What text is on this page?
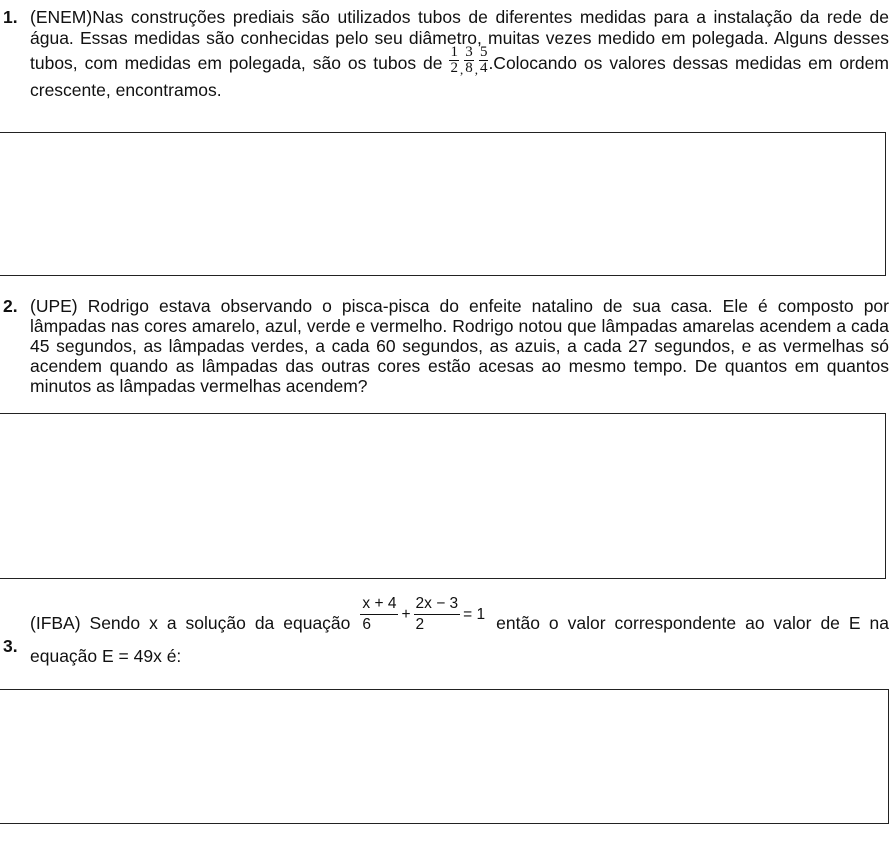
1. (ENEM)Nas construções prediais são utilizados tubos de diferentes medidas para a instalação da rede de água. Essas medidas são conhecidas pelo seu diâmetro, muitas vezes medido em polegada. Alguns desses tubos, com medidas em polegada, são os tubos de $\frac{1}{2}$ , $\frac{3}{8}$ , $\frac{5}{4}$ .Colocando os valores dessas medidas em ordem crescente, encontramos.
2. (UPE) Rodrigo estava observando o pisca-pisca do enfeite natalino de sua casa. Ele é composto por lâmpadas nas cores amarelo, azul, verde e vermelho. Rodrigo notou que lâmpadas amarelas acendem a cada 45 segundos, as lâmpadas verdes, a cada 60 segundos, as azuis, a cada 27 segundos, e as vermelhas só acendem quando as lâmpadas das outras cores estão acesas ao mesmo tempo. De quantos em quantos minutos as lâmpadas vermelhas acendem?
3.
(IFBA) Sendo x a solução da equação $\frac{x + 4}{6} + \frac{2x - 3}{2} = 1$ então o valor correspondente ao valor de E na equação E = 49x é:
